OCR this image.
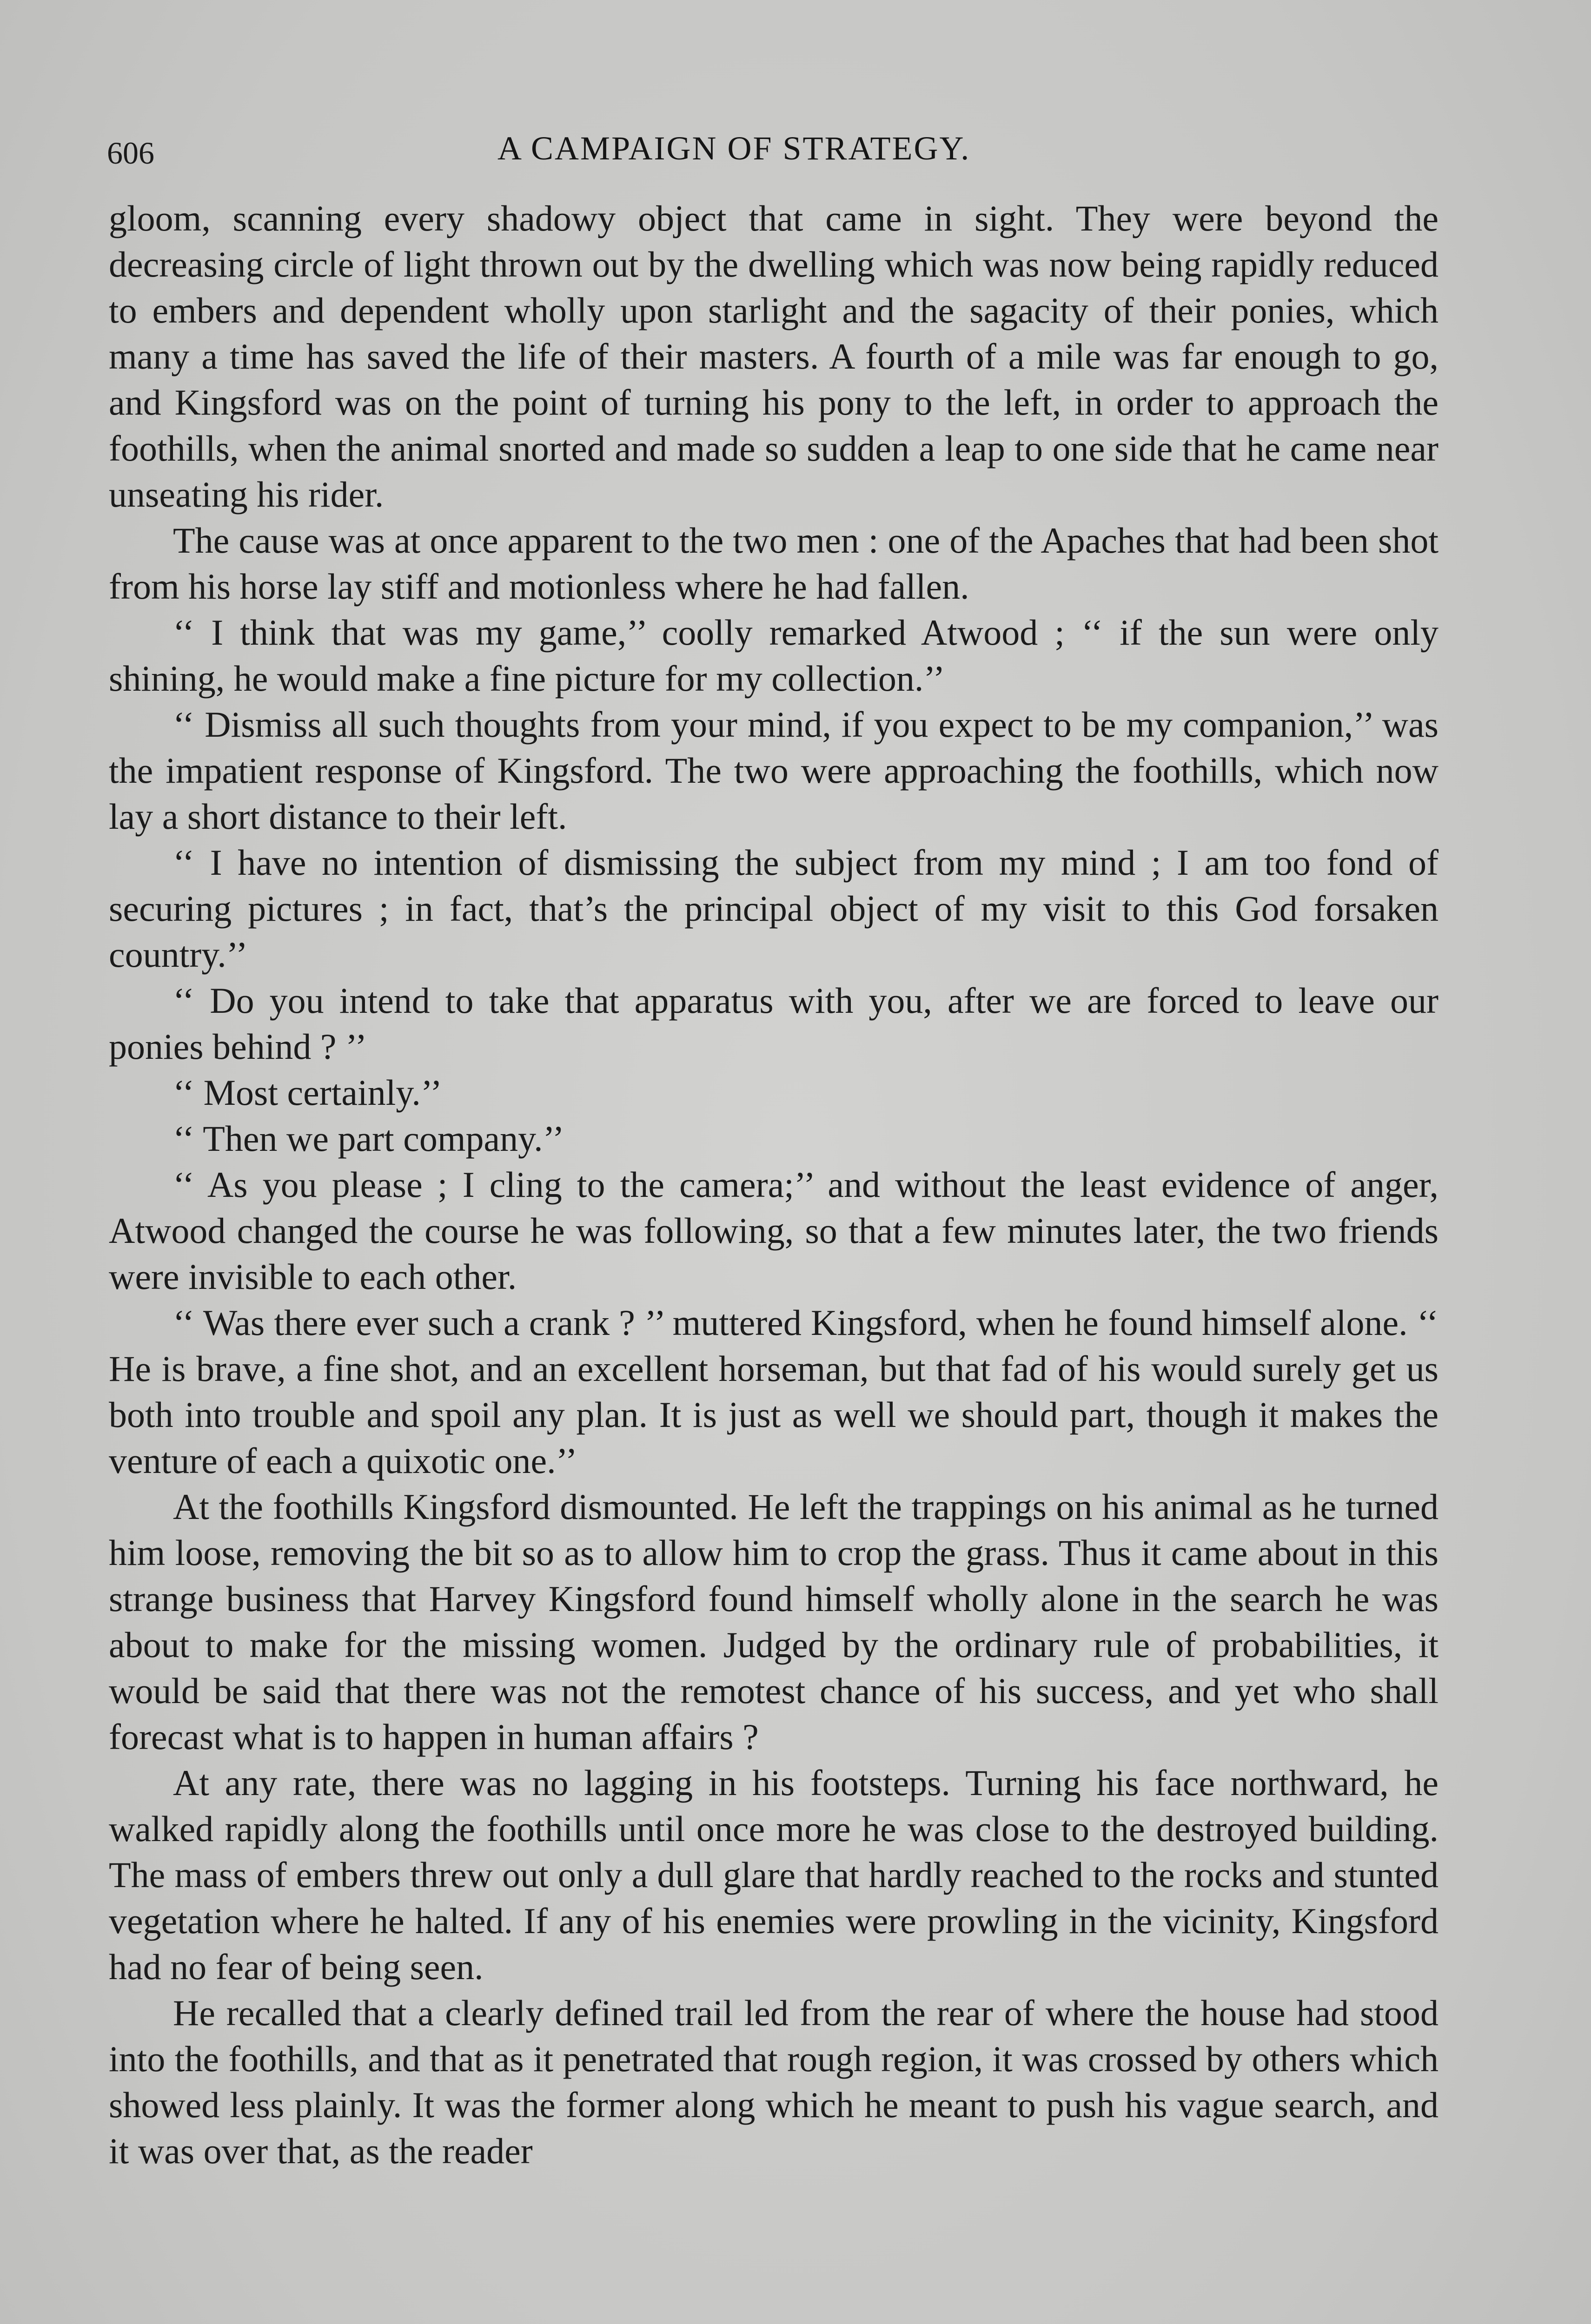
606	A CAMPAIGN OF STRATEGY.

gloom, scanning every shadowy object that came in sight. They were beyond the decreasing circle of light thrown out by the dwelling which was now being rapidly reduced to embers and dependent wholly upon starlight and the sagacity of their ponies, which many a time has saved the life of their masters. A fourth of a mile was far enough to go, and Kingsford was on the point of turning his pony to the left, in order to approach the foothills, when the animal snorted and made so sudden a leap to one side that he came near unseating his rider.

The cause was at once apparent to the two men : one of the Apaches that had been shot from his horse lay stiff and motionless where he had fallen.

‘‘ I think that was my game,’’ coolly remarked Atwood ; ‘‘ if the sun were only shining, he would make a fine picture for my collection.’’

‘‘ Dismiss all such thoughts from your mind, if you expect to be my companion,’’ was the impatient response of Kingsford. The two were approaching the foothills, which now lay a short distance to their left.

‘‘ I have no intention of dismissing the subject from my mind ; I am too fond of securing pictures ; in fact, that’s the principal object of my visit to this God forsaken country.’’

‘‘ Do you intend to take that apparatus with you, after we are forced to leave our ponies behind ? ’’

‘‘ Most certainly.’’

‘‘ Then we part company.’’

‘‘ As you please ; I cling to the camera;’’ and without the least evidence of anger, Atwood changed the course he was following, so that a few minutes later, the two friends were invisible to each other.

‘‘ Was there ever such a crank ? ’’ muttered Kingsford, when he found himself alone. ‘‘ He is brave, a fine shot, and an excellent horseman, but that fad of his would surely get us both into trouble and spoil any plan. It is just as well we should part, though it makes the venture of each a quixotic one.’’

At the foothills Kingsford dismounted. He left the trappings on his animal as he turned him loose, removing the bit so as to allow him to crop the grass. Thus it came about in this strange business that Harvey Kingsford found himself wholly alone in the search he was about to make for the missing women. Judged by the ordinary rule of probabilities, it would be said that there was not the remotest chance of his success, and yet who shall forecast what is to happen in human affairs ?

At any rate, there was no lagging in his footsteps. Turning his face northward, he walked rapidly along the foothills until once more he was close to the destroyed building. The mass of embers threw out only a dull glare that hardly reached to the rocks and stunted vegetation where he halted. If any of his enemies were prowling in the vicinity, Kingsford had no fear of being seen.

He recalled that a clearly defined trail led from the rear of where the house had stood into the foothills, and that as it penetrated that rough region, it was crossed by others which showed less plainly. It was the former along which he meant to push his vague search, and it was over that, as the reader
